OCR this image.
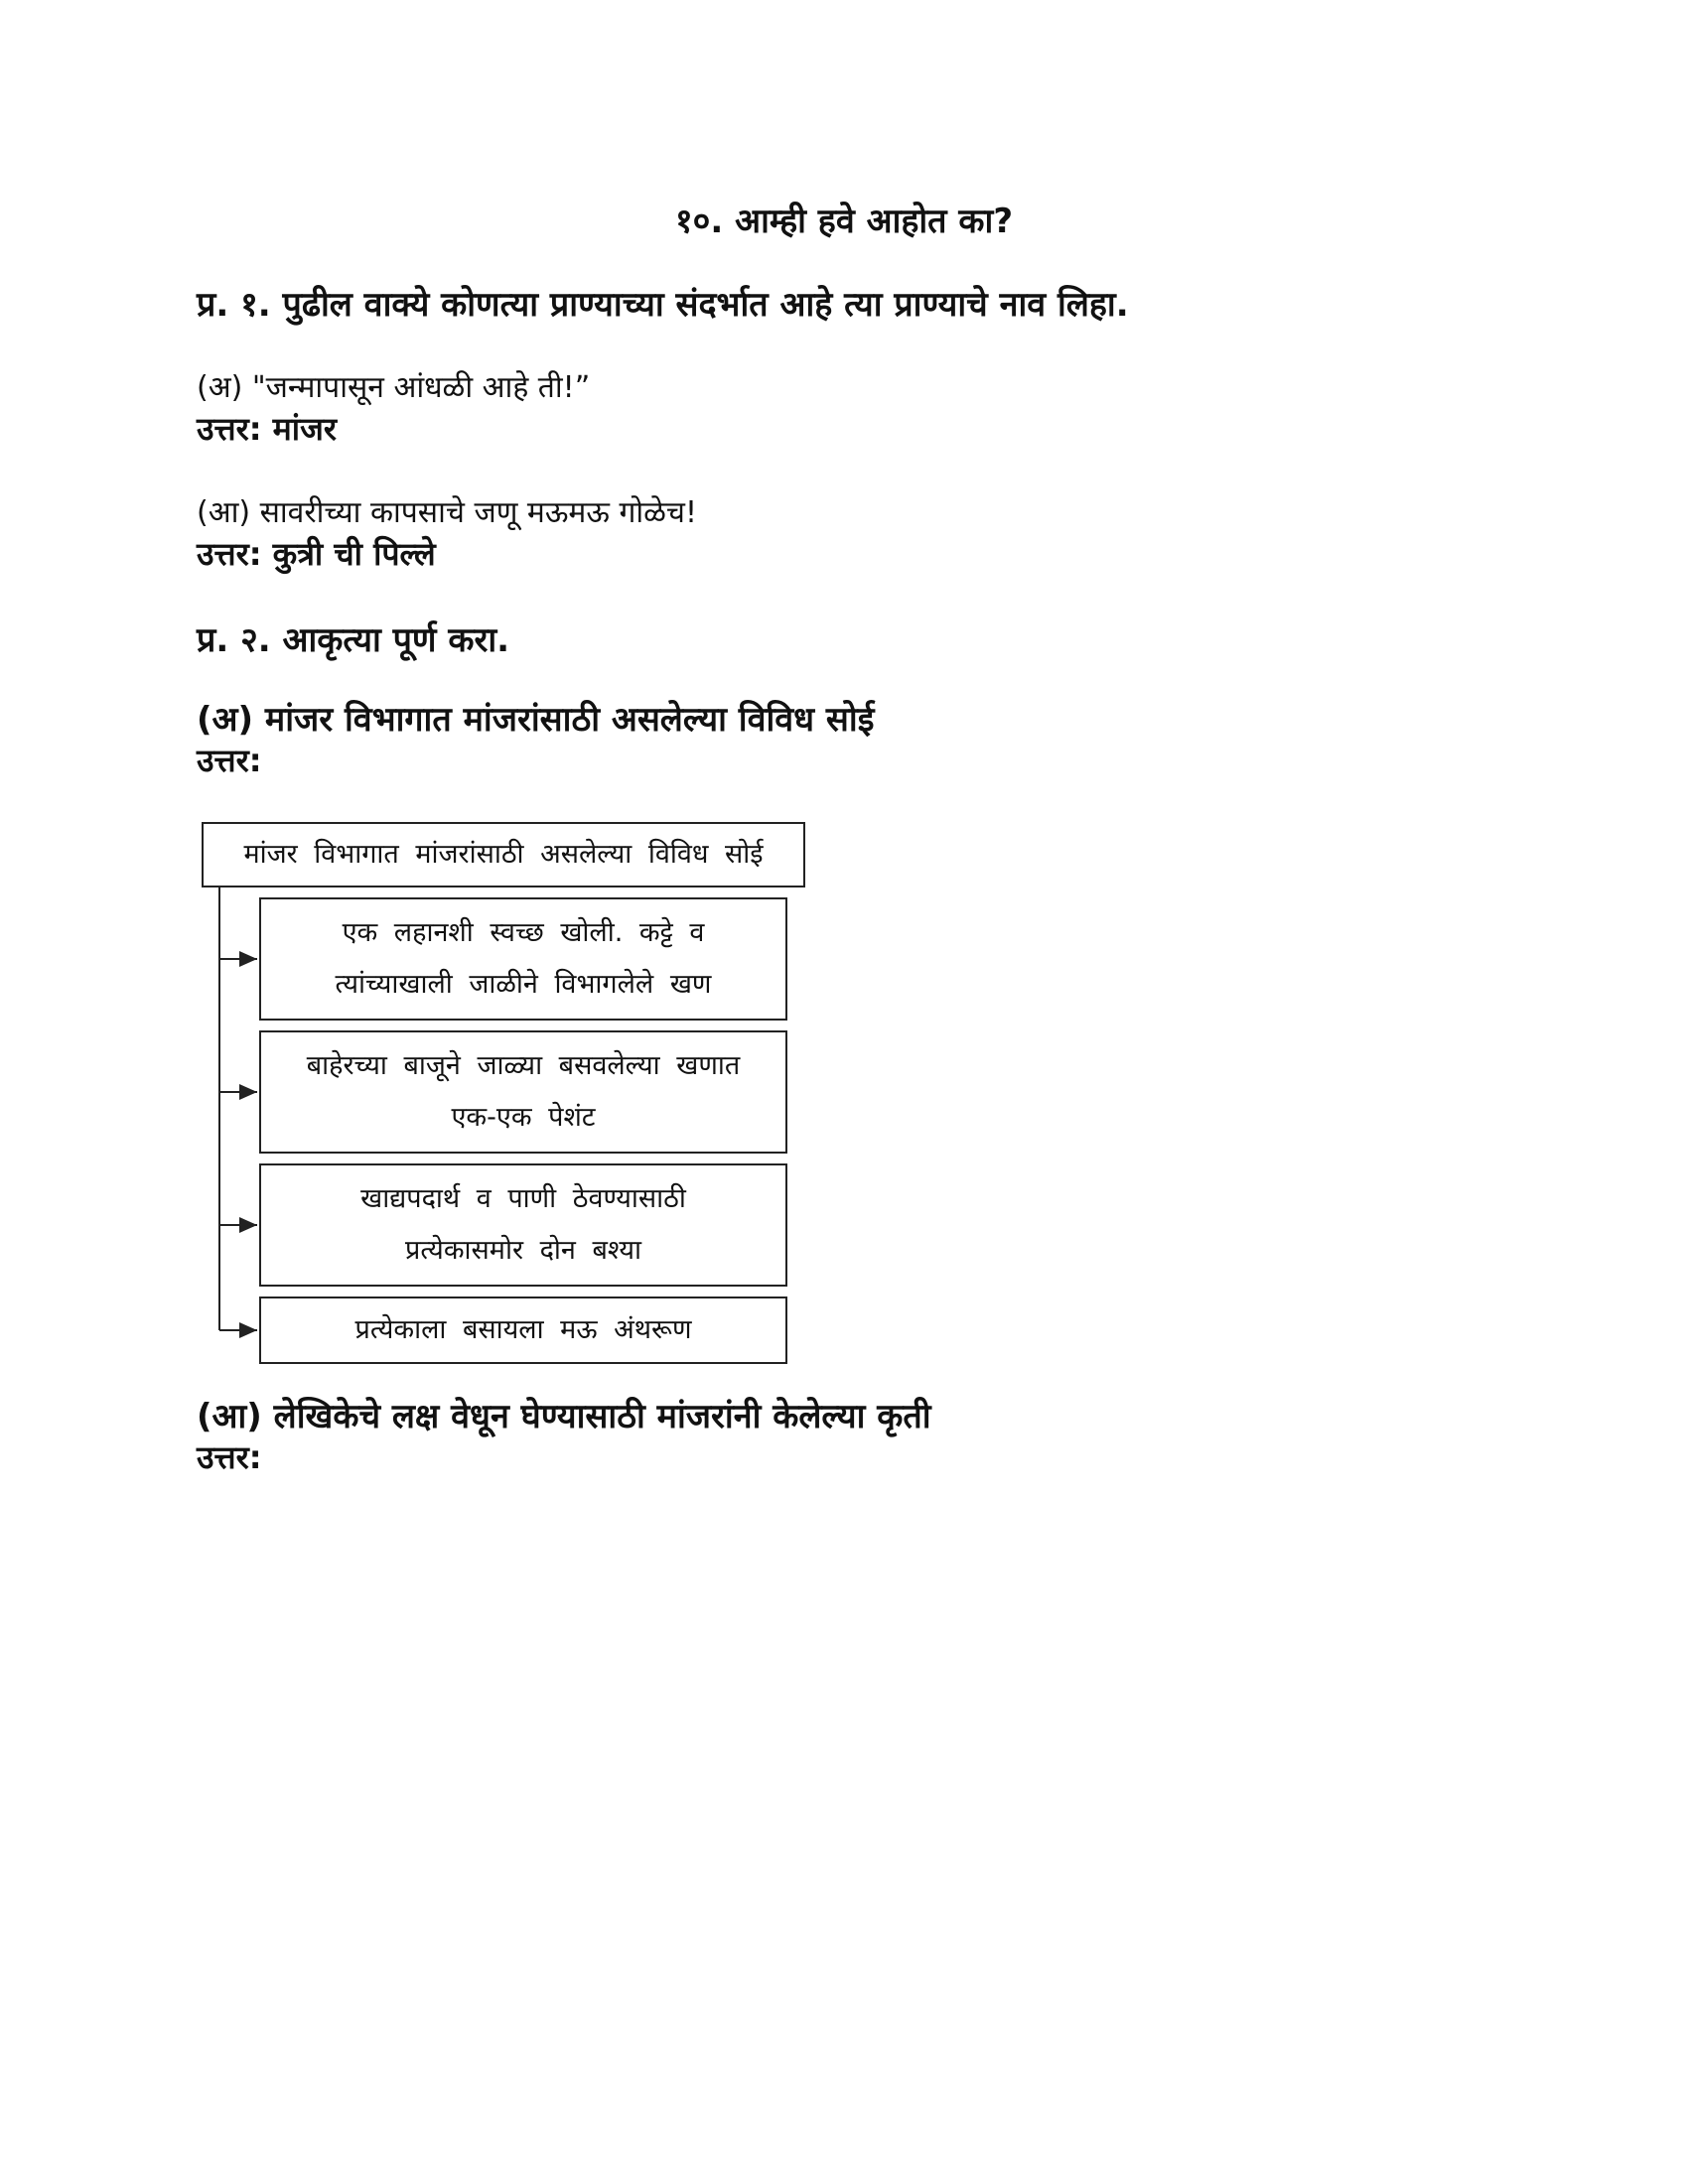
१०. आम्ही हवे आहोत का?
प्र. १. पुढील वाक्ये कोणत्या प्राण्याच्या संदर्भात आहे त्या प्राण्याचे नाव लिहा.
(अ) "जन्मापासून आंधळी आहे ती!”
उत्तर: मांजर
(आ) सावरीच्या कापसाचे जणू मऊमऊ गोळेच!
उत्तर: कुत्री ची पिल्ले
प्र. २. आकृत्या पूर्ण करा.
(अ) मांजर विभागात मांजरांसाठी असलेल्या विविध सोई
उत्तर:
मांजर विभागात मांजरांसाठी असलेल्या विविध सोई
एक लहानशी स्वच्छ खोली. कट्टे व
त्यांच्याखाली जाळीने विभागलेले खण
बाहेरच्या बाजूने जाळ्या बसवलेल्या खणात
एक-एक पेशंट
खाद्यपदार्थ व पाणी ठेवण्यासाठी
प्रत्येकासमोर दोन बश्या
प्रत्येकाला बसायला मऊ अंथरूण
(आ) लेखिकेचे लक्ष वेधून घेण्यासाठी मांजरांनी केलेल्या कृती
उत्तर:
